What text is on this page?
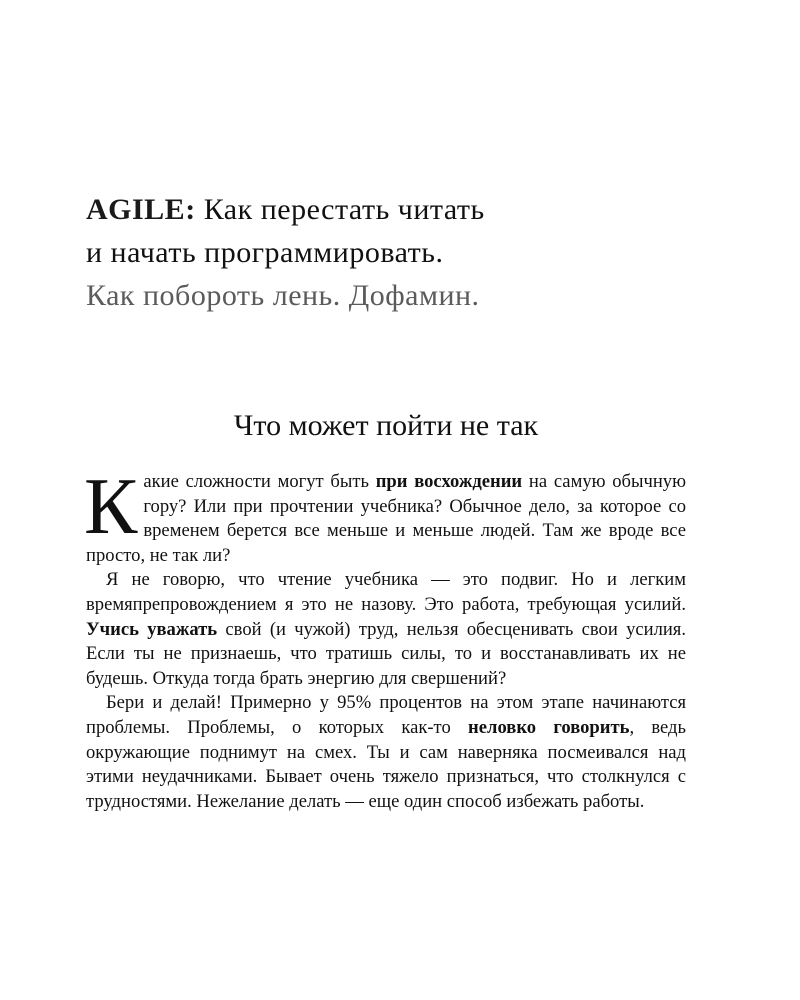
AGILE: Как перестать читать
и начать программировать.
Как побороть лень. Дофамин.
Что может пойти не так

Какие сложности могут быть при восхождении на самую обычную гору? Или при прочтении учебника? Обычное дело, за которое со временем берется все меньше и меньше людей. Там же вроде все просто, не так ли?

Я не говорю, что чтение учебника — это подвиг. Но и легким времяпрепровождением я это не назову. Это работа, требующая усилий. Учись уважать свой (и чужой) труд, нельзя обесценивать свои усилия. Если ты не признаешь, что тратишь силы, то и восстанавливать их не будешь. Откуда тогда брать энергию для свершений?

Бери и делай! Примерно у 95% процентов на этом этапе начинаются проблемы. Проблемы, о которых как-то неловко говорить, ведь окружающие поднимут на смех. Ты и сам наверняка посмеивался над этими неудачниками. Бывает очень тяжело признаться, что столкнулся с трудностями. Нежелание делать — еще один способ избежать работы.
